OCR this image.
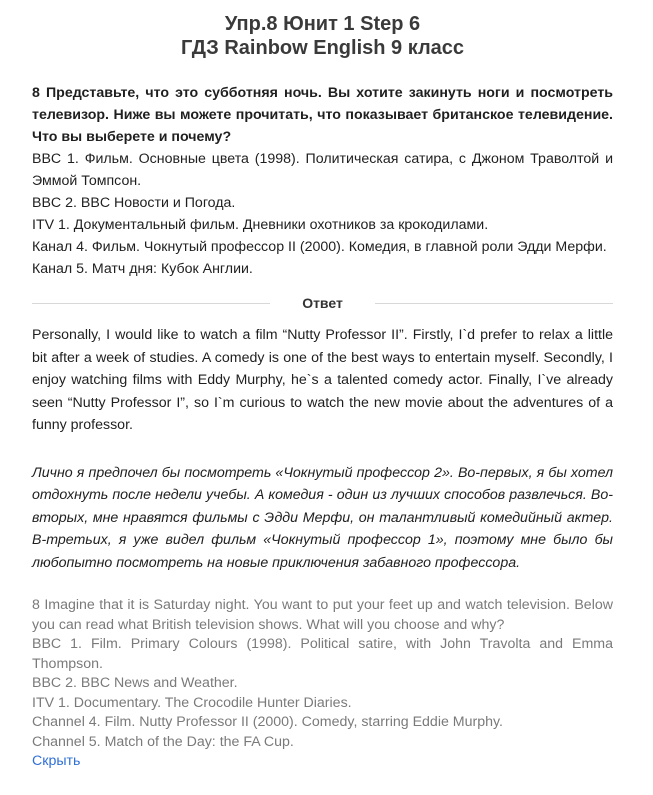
Упр.8 Юнит 1 Step 6
ГДЗ Rainbow English 9 класс

8 Представьте, что это субботняя ночь. Вы хотите закинуть ноги и посмотреть телевизор. Ниже вы можете прочитать, что показывает британское телевидение. Что вы выберете и почему?

BBC 1. Фильм. Основные цвета (1998). Политическая сатира, с Джоном Траволтой и Эммой Томпсон.

BBC 2. BBC Новости и Погода.

ITV 1. Документальный фильм. Дневники охотников за крокодилами.

Канал 4. Фильм. Чокнутый профессор II (2000). Комедия, в главной роли Эдди Мерфи.

Канал 5. Матч дня: Кубок Англии.

Ответ

Personally, I would like to watch a film “Nutty Professor II”. Firstly, I`d prefer to relax a little bit after a week of studies. A comedy is one of the best ways to entertain myself. Secondly, I enjoy watching films with Eddy Murphy, he`s a talented comedy actor. Finally, I`ve already seen “Nutty Professor I”, so I`m curious to watch the new movie about the adventures of a funny professor.

Лично я предпочел бы посмотреть «Чокнутый профессор 2». Во-первых, я бы хотел отдохнуть после недели учебы. А комедия - один из лучших способов развлечься. Во-вторых, мне нравятся фильмы с Эдди Мерфи, он талантливый комедийный актер. В-третьих, я уже видел фильм «Чокнутый профессор 1», поэтому мне было бы любопытно посмотреть на новые приключения забавного профессора.

8 Imagine that it is Saturday night. You want to put your feet up and watch television. Below you can read what British television shows. What will you choose and why?

BBC 1. Film. Primary Colours (1998). Political satire, with John Travolta and Emma Thompson.

BBC 2. BBC News and Weather.

ITV 1. Documentary. The Crocodile Hunter Diaries.

Channel 4. Film. Nutty Professor II (2000). Comedy, starring Eddie Murphy.

Channel 5. Match of the Day: the FA Cup.

Скрыть
